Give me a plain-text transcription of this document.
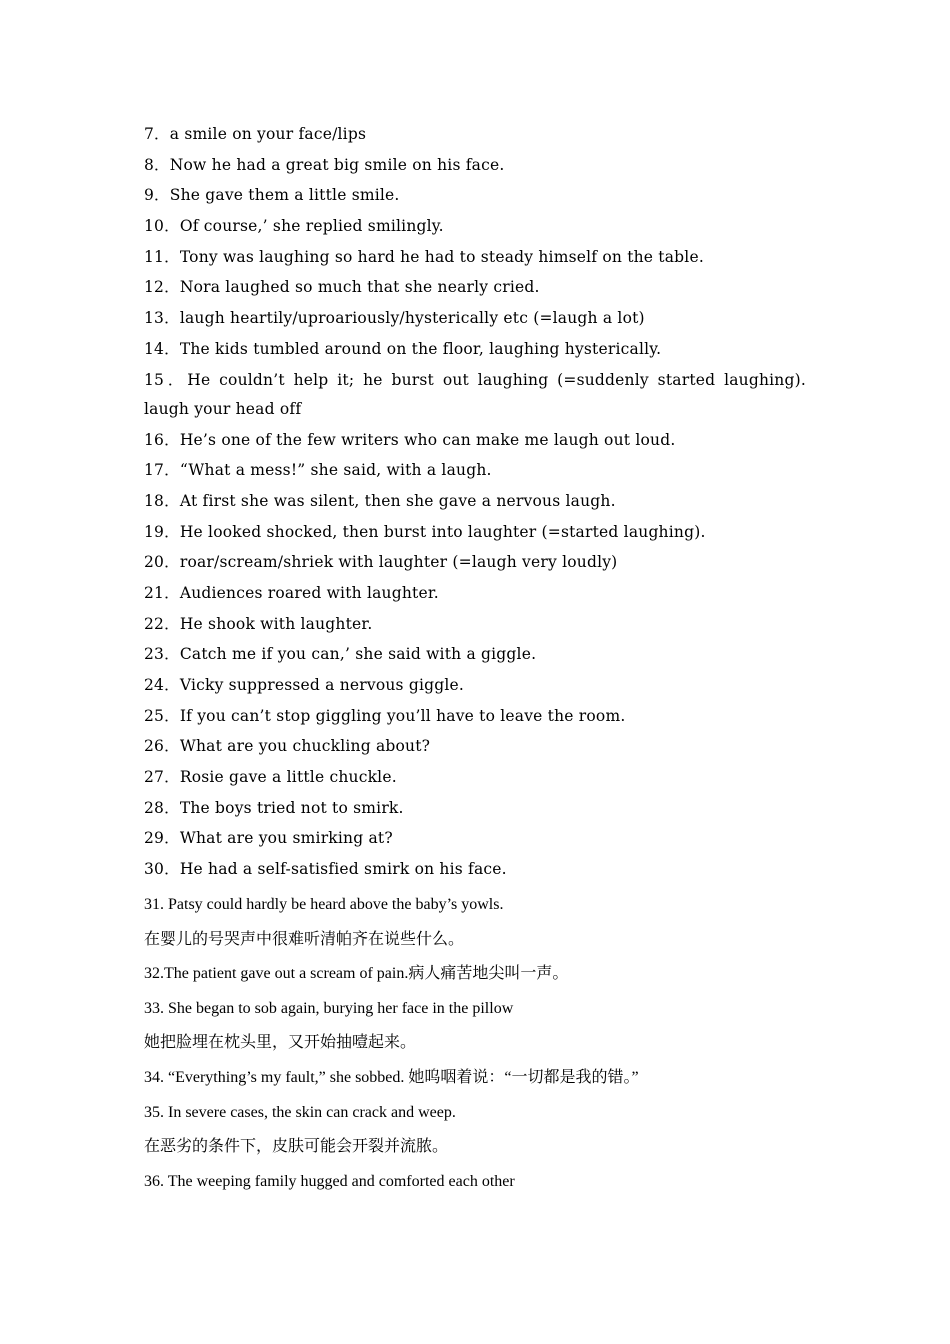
7．a smile on your face/lips
8．Now he had a great big smile on his face.
9．She gave them a little smile.
10．Of course,’ she replied smilingly.
11．Tony was laughing so hard he had to steady himself on the table.
12．Nora laughed so much that she nearly cried.
13．laugh heartily/uproariously/hysterically etc (=laugh a lot)
14．The kids tumbled around on the floor, laughing hysterically.
15．He couldn’t help it; he burst out laughing (=suddenly started laughing). laugh your head off
16．He’s one of the few writers who can make me laugh out loud.
17．“What a mess!” she said, with a laugh.
18．At first she was silent, then she gave a nervous laugh.
19．He looked shocked, then burst into laughter (=started laughing).
20．roar/scream/shriek with laughter (=laugh very loudly)
21．Audiences roared with laughter.
22．He shook with laughter.
23．Catch me if you can,’ she said with a giggle.
24．Vicky suppressed a nervous giggle.
25．If you can’t stop giggling you’ll have to leave the room.
26．What are you chuckling about?
27．Rosie gave a little chuckle.
28．The boys tried not to smirk.
29．What are you smirking at?
30．He had a self-satisfied smirk on his face.
31. Patsy could hardly be heard above the baby’s yowls.
在婴儿的号哭声中很难听清帕齐在说些什么。
32.The patient gave out a scream of pain.病人痛苦地尖叫一声。
33. She began to sob again, burying her face in the pillow
她把脸埋在枕头里，又开始抽噎起来。
34. “Everything’s my fault,” she sobbed. 她呜咽着说：“一切都是我的错。”
35. In severe cases, the skin can crack and weep.
在恶劣的条件下，皮肤可能会开裂并流脓。
36. The weeping family hugged and comforted each other
